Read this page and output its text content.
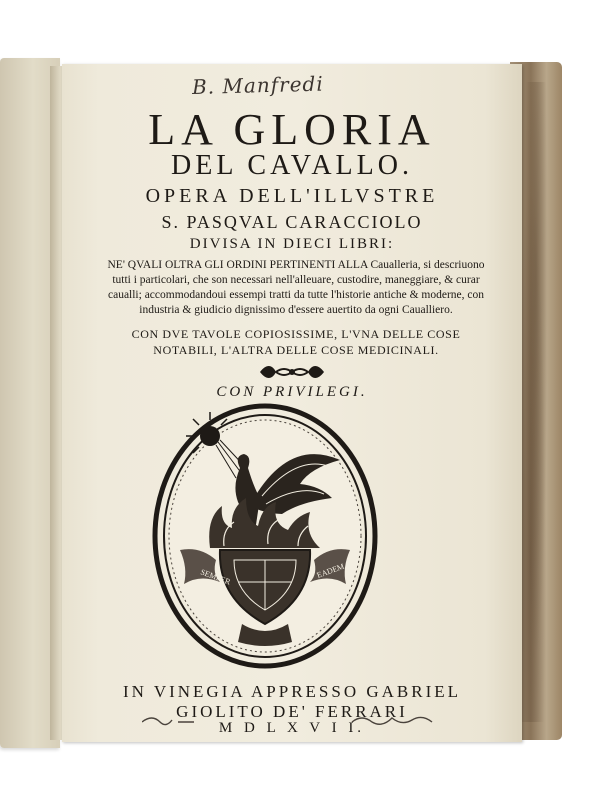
B. Manfredi
LA GLORIA
DEL CAVALLO.
OPERA DELL'ILLVSTRE
S. PASQVAL CARACCIOLO
DIVISA IN DIECI LIBRI:
NE' QVALI OLTRA GLI ORDINI PERTINENTI ALLA Caualleria, si descriuono tutti i particolari, che son necessari nell'alleuare, custodire, maneggiare, & curar caualli; accommodandoui essempi tratti da tutte l'historie antiche & moderne, con industria & giudicio dignissimo d'essere auertito da ogni Caualliero.
CON DVE TAVOLE COPIOSISSIME, L'VNA DELLE COSE NOTABILI, L'ALTRA DELLE COSE MEDICINALI.
CON PRIVILEGI.
SEMPER	EADEM
IN VINEGIA APPRESSO GABRIEL
GIOLITO DE' FERRARI
M D L X V I I.
